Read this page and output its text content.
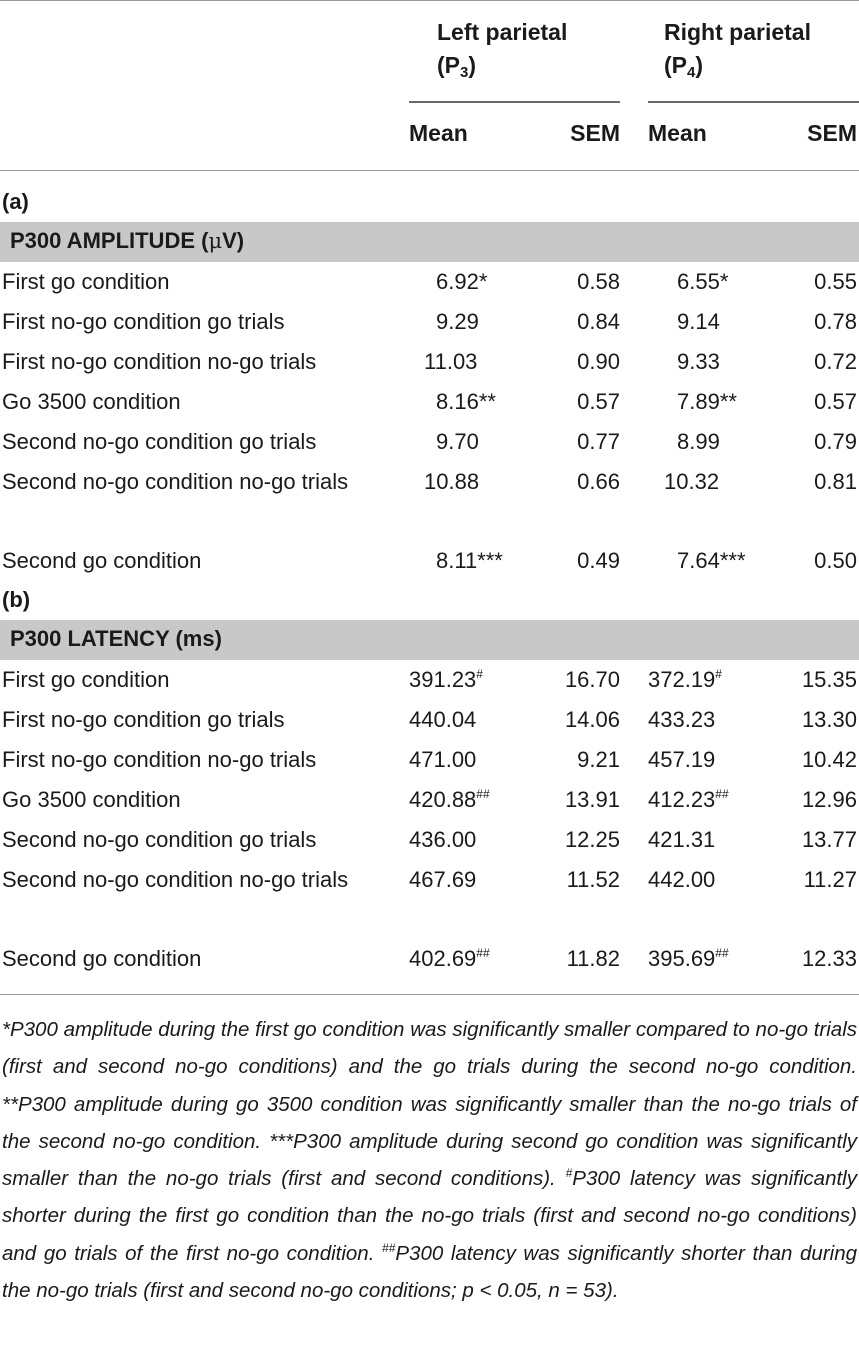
Left parietal
$(P_3)$
Right parietal
$(P_4)$
Mean	SEM Mean	SEM
(a)
P300 AMPLITUDE (μV)
First go condition	6.92*	0.58	6.55*	0.55
First no-go condition go trials	9.29	0.84	9.14	0.78
First no-go condition no-go trials	11.03	0.90	9.33	0.72
Go 3500 condition	8.16**	0.57	7.89**	0.57
Second no-go condition go trials	9.70	0.77	8.99	0.79
Second no-go condition no-go trials	10.88	0.66 10.32	0.81
Second go condition	8.11***	0.49	7.64***	0.50
(b)
P300 LATENCY (ms)
First go condition	391.23#	16.70 372.19#	15.35
First no-go condition go trials	440.04	14.06 433.23	13.30
First no-go condition no-go trials	471.00	9.21 457.19	10.42
Go 3500 condition	420.88##	13.91 412.23##	12.96
Second no-go condition go trials	436.00	12.25 421.31	13.77
Second no-go condition no-go trials	467.69	11.52 442.00	11.27
Second go condition	402.69##	11.82 395.69##	12.33
*P300 amplitude during the first go condition was significantly smaller compared to no-go trials (first and second no-go conditions) and the go trials during the second no-go condition. **P300 amplitude during go 3500 condition was significantly smaller than the no-go trials of the second no-go condition. ***P300 amplitude during second go condition was significantly smaller than the no-go trials (first and second conditions). #P300 latency was significantly shorter during the first go condition than the no-go trials (first and second no-go conditions) and go trials of the first no-go condition. ##P300 latency was significantly shorter than during the no-go trials (first and second no-go conditions; p < 0.05, n = 53).
